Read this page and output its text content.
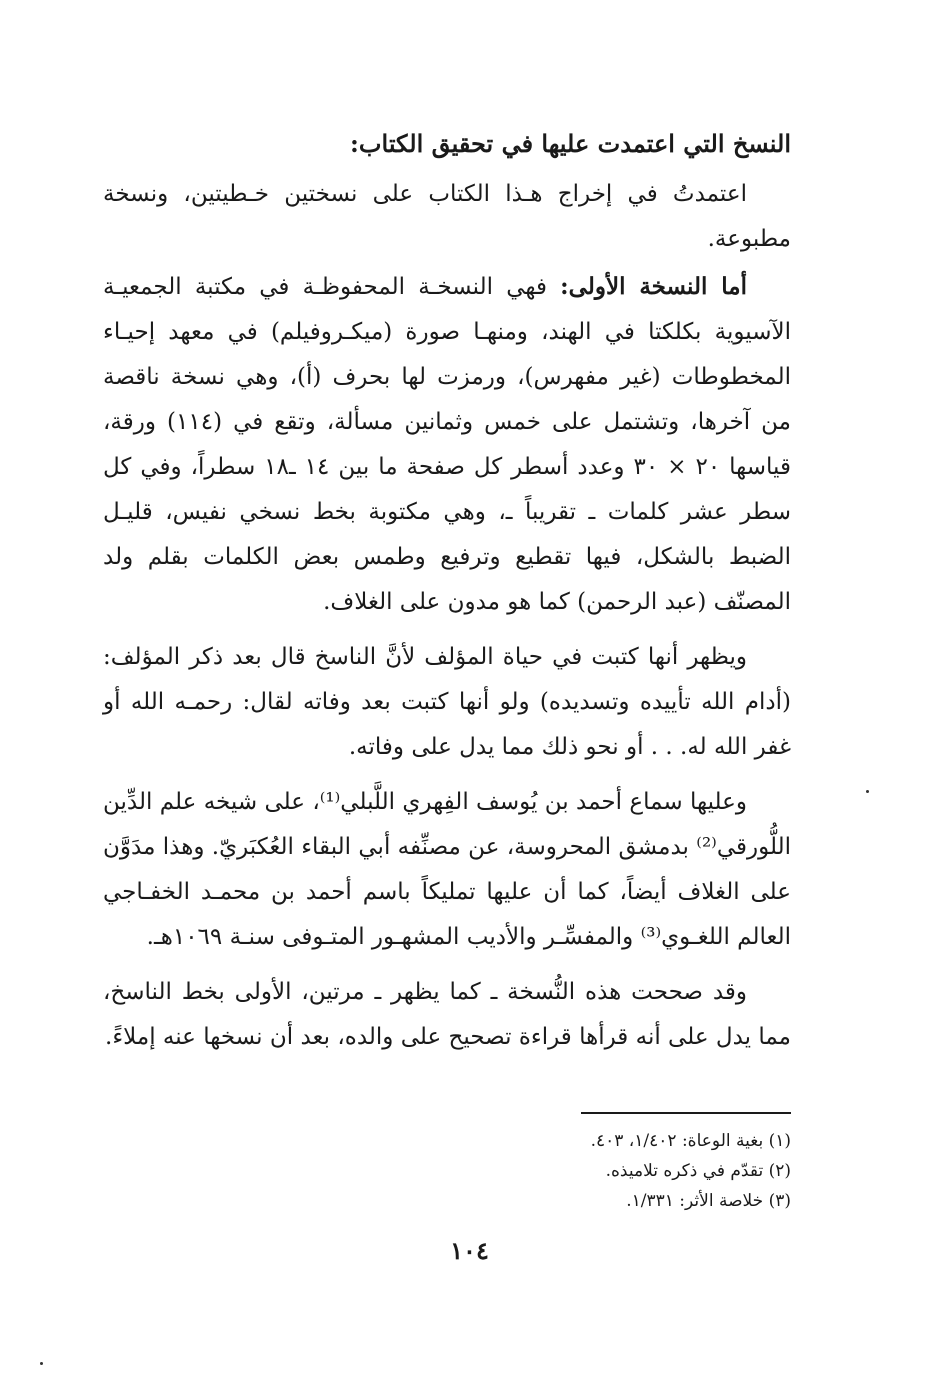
النسخ التي اعتمدت عليها في تحقيق الكتاب:

اعتمدتُ في إخراج هـذا الكتاب على نسختين خـطيتين، ونسخة مطبوعة.

أما النسخة الأولى: فهي النسخـة المحفوظـة في مكتبة الجمعيـة الآسيوية بكلكتا في الهند، ومنهـا صورة (ميكـروفيلم) في معهد إحيـاء المخطوطات (غير مفهرس)، ورمزت لها بحرف (أ)، وهي نسخة ناقصة من آخرها، وتشتمل على خمس وثمانين مسألة، وتقع في (١١٤) ورقة، قياسها ٢٠ × ٣٠ وعدد أسطر كل صفحة ما بين ١٤ ـ١٨ سطراً، وفي كل سطر عشر كلمات ـ تقريباً ـ، وهي مكتوبة بخط نسخي نفيس، قليـل الضبط بالشكل، فيها تقطيع وترفيع وطمس بعض الكلمات بقلم ولد المصنّف (عبد الرحمن) كما هو مدون على الغلاف.

ويظهر أنها كتبت في حياة المؤلف لأنَّ الناسخ قال بعد ذكر المؤلف: (أدام الله تأييده وتسديده) ولو أنها كتبت بعد وفاته لقال: رحمـه الله أو غفر الله له. . . أو نحو ذلك مما يدل على وفاته.

وعليها سماع أحمد بن يُوسف الفِهري اللَّبلي⁽¹⁾، على شيخه علم الدِّين اللُّورقي⁽²⁾ بدمشق المحروسة، عن مصنِّفه أبي البقاء العُكبَريّ. وهذا مدَوَّن على الغلاف أيضاً، كما أن عليها تمليكاً باسم أحمد بن محمـد الخفـاجي العالم اللغـوي⁽³⁾ والمفسِّـر والأديب المشهـور المتـوفى سنـة ١٠٦٩هـ.

وقد صححت هذه النُّسخة ـ كما يظهر ـ مرتين، الأولى بخط الناسخ، مما يدل على أنه قرأها قراءة تصحيح على والده، بعد أن نسخها عنه إملاءً.

(١) بغية الوعاة: ١/٤٠٢، ٤٠٣.

(٢) تقدّم في ذكره تلاميذه.

(٣) خلاصة الأثر: ١/٣٣١.

١٠٤
